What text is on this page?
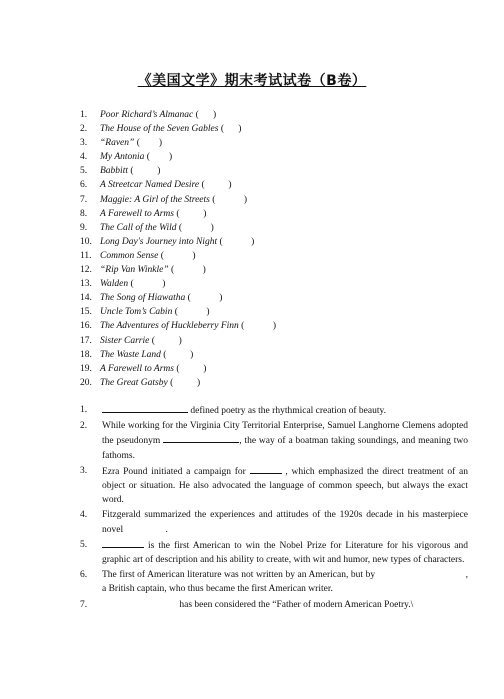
《美国文学》期末考试试卷（B卷）
1. Poor Richard’s Almanac (      )
2. The House of the Seven Gables (      )
3. “Raven” (        )
4. My Antonia (        )
5. Babbitt (          )
6. A Streetcar Named Desire (          )
7. Maggie: A Girl of the Streets (            )
8. A Farewell to Arms (          )
9. The Call of the Wild (            )
10. Long Day's Journey into Night (            )
11. Common Sense (            )
12. “Rip Van Winkle” (            )
13. Walden (            )
14. The Song of Hiawatha (            )
15. Uncle Tom’s Cabin (            )
16. The Adventures of Huckleberry Finn (            )
17. Sister Carrie (          )
18. The Waste Land (          )
19. A Farewell to Arms (          )
20. The Great Gatsby (          )
1.	defined poetry as the rhythmical creation of beauty.
2. While working for the Virginia City Territorial Enterprise, Samuel Langhorne Clemens adopted the pseudonym	, the way of a boatman taking soundings, and meaning two fathoms.
3. Ezra Pound initiated a campaign for	, which emphasized the direct treatment of an object or situation. He also advocated the language of common speech, but always the exact word.
4. Fitzgerald summarized the experiences and attitudes of the 1920s decade in his masterpiece novel	.
5.	is the first American to win the Nobel Prize for Literature for his vigorous and graphic art of description and his ability to create, with wit and humor, new types of characters.
6. The first of American literature was not written by an American, but by	, a British captain, who thus became the first American writer.
7.	has been considered the “Father of modern American Poetry.\
